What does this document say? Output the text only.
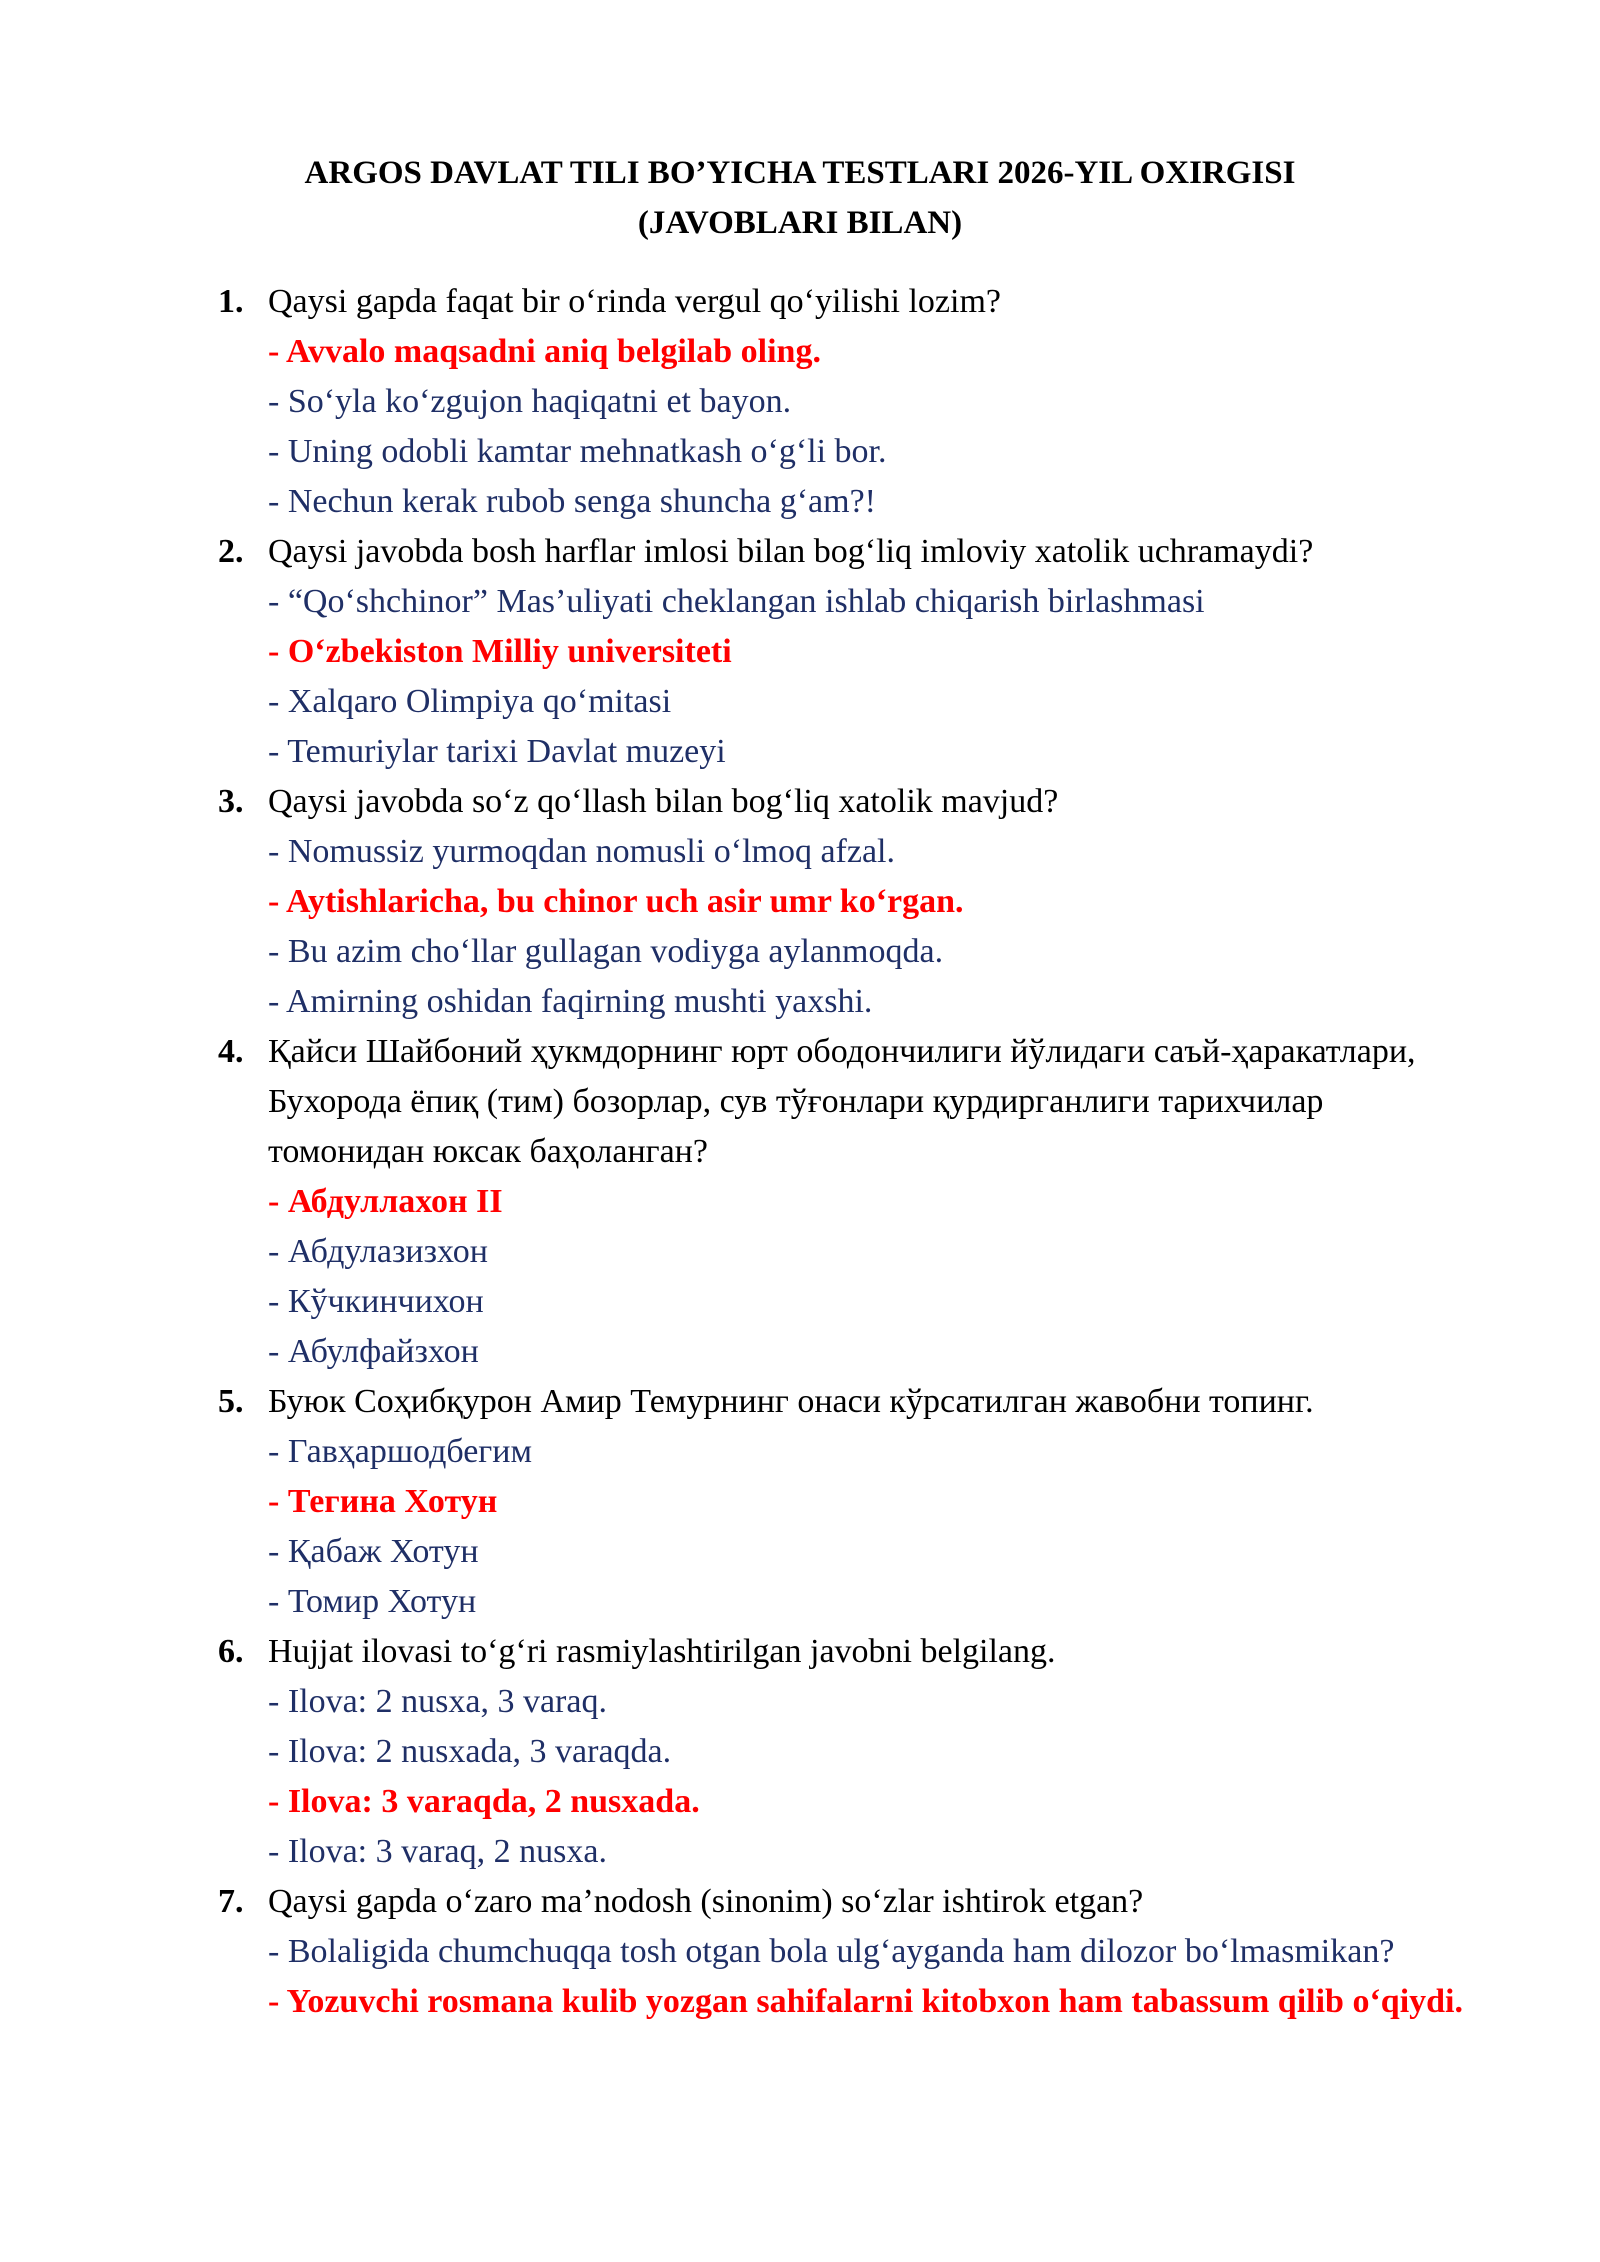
ARGOS DAVLAT TILI BO’YICHA TESTLARI 2026-YIL OXIRGISI
(JAVOBLARI BILAN)
1. Qaysi gapda faqat bir o‘rinda vergul qo‘yilishi lozim?
- Avvalo maqsadni aniq belgilab oling.
- So‘yla ko‘zgujon haqiqatni et bayon.
- Uning odobli kamtar mehnatkash o‘g‘li bor.
- Nechun kerak rubob senga shuncha g‘am?!
2. Qaysi javobda bosh harflar imlosi bilan bog‘liq imloviy xatolik uchramaydi?
- “Qo‘shchinor” Mas’uliyati cheklangan ishlab chiqarish birlashmasi
- O‘zbekiston Milliy universiteti
- Xalqaro Olimpiya qo‘mitasi
- Temuriylar tarixi Davlat muzeyi
3. Qaysi javobda so‘z qo‘llash bilan bog‘liq xatolik mavjud?
- Nomussiz yurmoqdan nomusli o‘lmoq afzal.
- Aytishlaricha, bu chinor uch asir umr ko‘rgan.
- Bu azim cho‘llar gullagan vodiyga aylanmoqda.
- Amirning oshidan faqirning mushti yaxshi.
4. Қайси Шайбоний ҳукмдорнинг юрт ободончилиги йўлидаги саъй-ҳаракатлари, Бухорода ёпиқ (тим) бозорлар, сув тўғонлари қурдирганлиги тарихчилар томонидан юксак баҳоланган?
- Абдуллахон II
- Абдулазизхон
- Кўчкинчихон
- Абулфайзхон
5. Буюк Соҳибқурон Амир Темурнинг онаси кўрсатилган жавобни топинг.
- Гавҳаршодбегим
- Тегина Хотун
- Қабаж Хотун
- Томир Хотун
6. Hujjat ilovasi to‘g‘ri rasmiylashtirilgan javobni belgilang.
- Ilova: 2 nusxa, 3 varaq.
- Ilova: 2 nusxada, 3 varaqda.
- Ilova: 3 varaqda, 2 nusxada.
- Ilova: 3 varaq, 2 nusxa.
7. Qaysi gapda o‘zaro ma’nodosh (sinonim) so‘zlar ishtirok etgan?
- Bolaligida chumchuqqa tosh otgan bola ulg‘ayganda ham dilozor bo‘lmasmikan?
- Yozuvchi rosmana kulib yozgan sahifalarni kitobxon ham tabassum qilib o‘qiydi.
